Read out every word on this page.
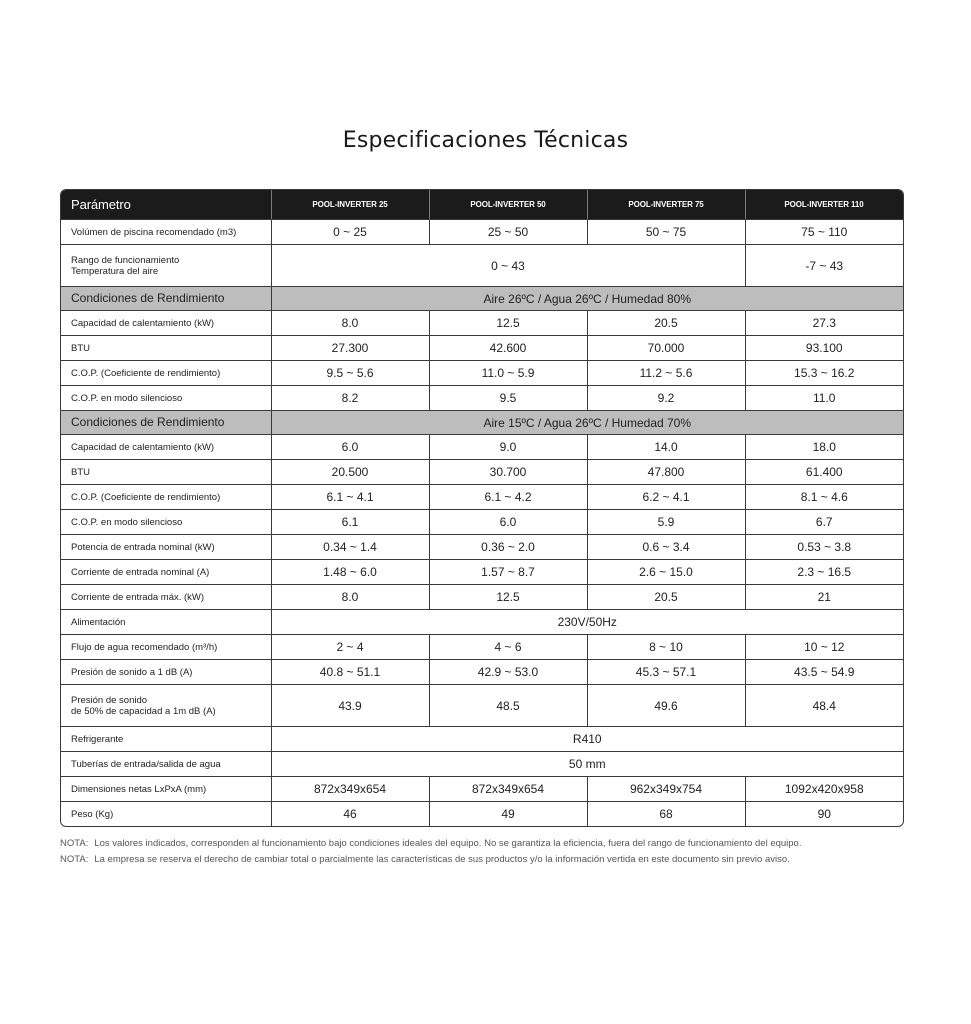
Especificaciones Técnicas
Parámetro	POOL-INVERTER 25	POOL-INVERTER 50	POOL-INVERTER 75	POOL-INVERTER 110
Volúmen de piscina recomendado (m3)	0 ~ 25	25 ~ 50	50 ~ 75	75 ~ 110

Rango de funcionamiento
Temperatura del aire	0 ~ 43			-7 ~ 43
Condiciones de Rendimiento	Aire 26ºC / Agua 26ºC / Humedad 80%			
Capacidad de calentamiento (kW)	8.0	12.5	20.5	27.3
BTU	27.300	42.600	70.000	93.100
C.O.P. (Coeficiente de rendimiento)	9.5 ~ 5.6	11.0 ~ 5.9	11.2 ~ 5.6	15.3 ~ 16.2
C.O.P. en modo silencioso	8.2	9.5	9.2	11.0
Condiciones de Rendimiento	Aire 15ºC / Agua 26ºC / Humedad 70%			
Capacidad de calentamiento (kW)	6.0	9.0	14.0	18.0
BTU	20.500	30.700	47.800	61.400
C.O.P. (Coeficiente de rendimiento)	6.1 ~ 4.1	6.1 ~ 4.2	6.2 ~ 4.1	8.1 ~ 4.6
C.O.P. en modo silencioso	6.1	6.0	5.9	6.7
Potencia de entrada nominal (kW)	0.34 ~ 1.4	0.36 ~ 2.0	0.6 ~ 3.4	0.53 ~ 3.8
Corriente de entrada nominal (A)	1.48 ~ 6.0	1.57 ~ 8.7	2.6 ~ 15.0	2.3 ~ 16.5
Corriente de entrada máx. (kW)	8.0	12.5	20.5	21
Alimentación	230V/50Hz			
Flujo de agua recomendado (m³/h)	2 ~ 4	4 ~ 6	8 ~ 10	10 ~ 12
Presión de sonido a 1 dB (A)	40.8 ~ 51.1	42.9 ~ 53.0	45.3 ~ 57.1	43.5 ~ 54.9

Presión de sonido
de 50% de capacidad a 1m dB (A)	43.9	48.5	49.6	48.4
Refrigerante	R410			
Tuberías de entrada/salida de agua	50 mm			
Dimensiones netas LxPxA (mm)	872x349x654	872x349x654	962x349x754	1092x420x958
Peso (Kg)	46	49	68	90
NOTA: Los valores indicados, corresponden al funcionamiento bajo condiciones ideales del equipo. No se garantiza la eficiencia, fuera del rango de funcionamiento del equipo.
NOTA: La empresa se reserva el derecho de cambiar total o parcialmente las características de sus productos y/o la información vertida en este documento sin previo aviso.
